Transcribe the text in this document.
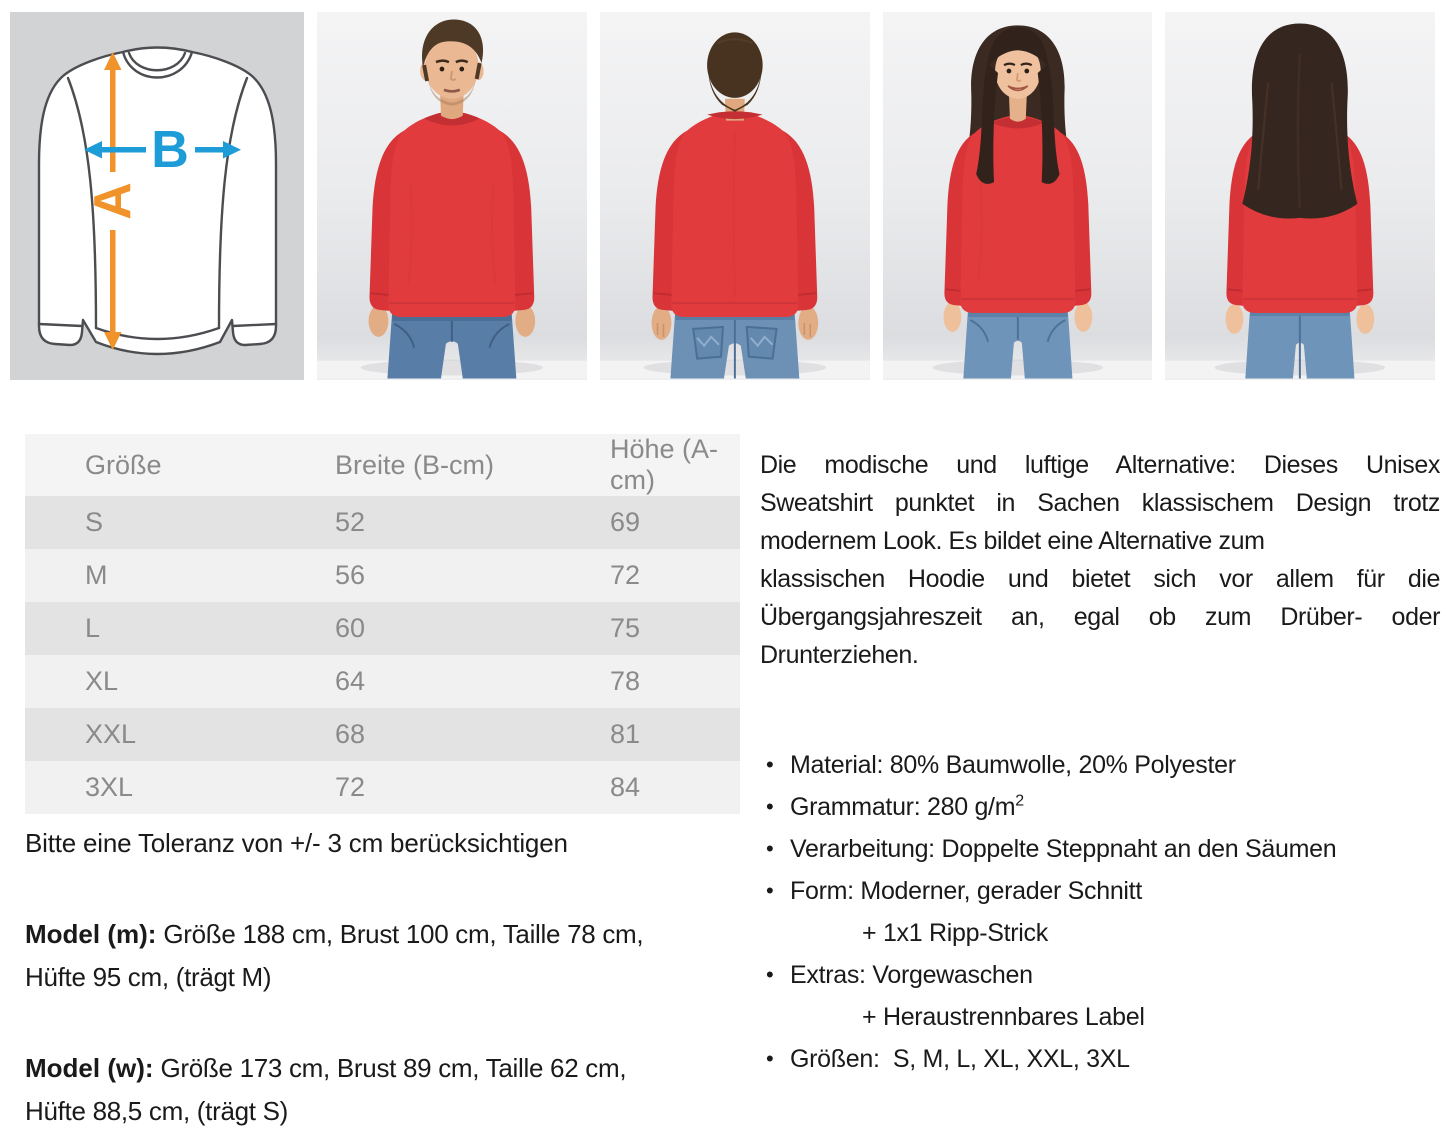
A
B
Größe	Breite (B-cm)	Höhe (A-cm)
S	52	69
M	56	72
L	60	75
XL	64	78
XXL	68	81
3XL	72	84

Bitte eine Toleranz von +/- 3 cm berücksichtigen

Model (m): Größe 188 cm, Brust 100 cm, Taille 78 cm,
Hüfte 95 cm, (trägt M)
Model (w): Größe 173 cm, Brust 89 cm, Taille 62 cm,
Hüfte 88,5 cm, (trägt S)
Die modische und luftige Alternative: Dieses Unisex
Sweatshirt punktet in Sachen klassischem Design trotz
modernem Look. Es bildet eine Alternative zum
klassischen Hoodie und bietet sich vor allem für die
Übergangsjahreszeit an, egal ob zum Drüber- oder
Drunterziehen.
• Material: 80% Baumwolle, 20% Polyester
• Grammatur: 280 $g/m^2$
• Verarbeitung: Doppelte Steppnaht an den Säumen
• Form: Moderner, gerader Schnitt
+ 1x1 Ripp-Strick
• Extras: Vorgewaschen
+ Heraustrennbares Label
• Größen:  S, M, L, XL, XXL, 3XL
